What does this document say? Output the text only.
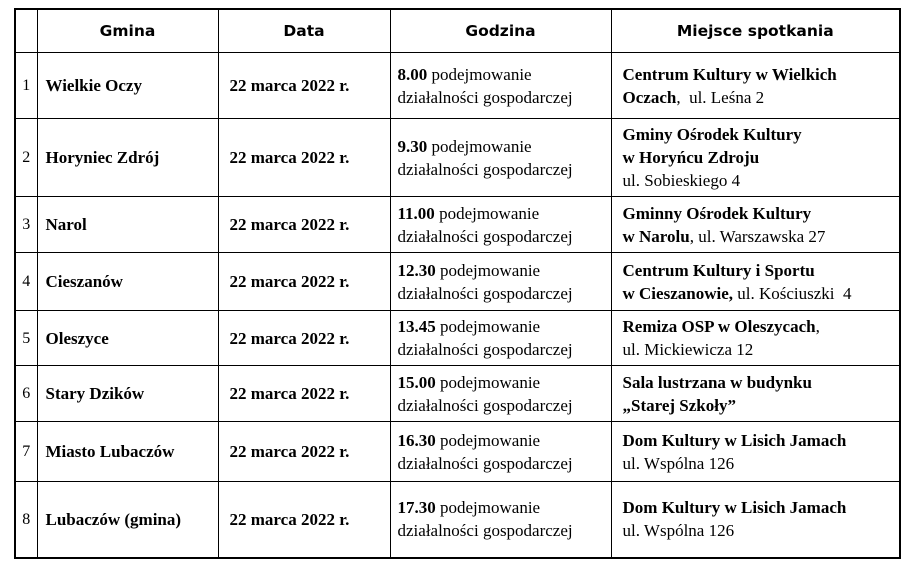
	Gmina	Data	Godzina	Miejsce spotkania
1	Wielkie Oczy	22 marca 2022 r.	8.00 podejmowanie
działalności gospodarczej	Centrum Kultury w Wielkich
Oczach,  ul. Leśna 2
2	Horyniec Zdrój	22 marca 2022 r.	9.30 podejmowanie
działalności gospodarczej	Gminy Ośrodek Kultury
w Horyńcu Zdroju
ul. Sobieskiego 4
3	Narol	22 marca 2022 r.	11.00 podejmowanie
działalności gospodarczej	Gminny Ośrodek Kultury
w Narolu, ul. Warszawska 27
4	Cieszanów	22 marca 2022 r.	12.30 podejmowanie
działalności gospodarczej	Centrum Kultury i Sportu
w Cieszanowie, ul. Kościuszki  4
5	Oleszyce	22 marca 2022 r.	13.45 podejmowanie
działalności gospodarczej	Remiza OSP w Oleszycach,
ul. Mickiewicza 12
6	Stary Dzików	22 marca 2022 r.	15.00 podejmowanie
działalności gospodarczej	Sala lustrzana w budynku
„Starej Szkoły”
7	Miasto Lubaczów	22 marca 2022 r.	16.30 podejmowanie
działalności gospodarczej	Dom Kultury w Lisich Jamach
ul. Wspólna 126
8	Lubaczów (gmina)	22 marca 2022 r.	17.30 podejmowanie
działalności gospodarczej	Dom Kultury w Lisich Jamach
ul. Wspólna 126
